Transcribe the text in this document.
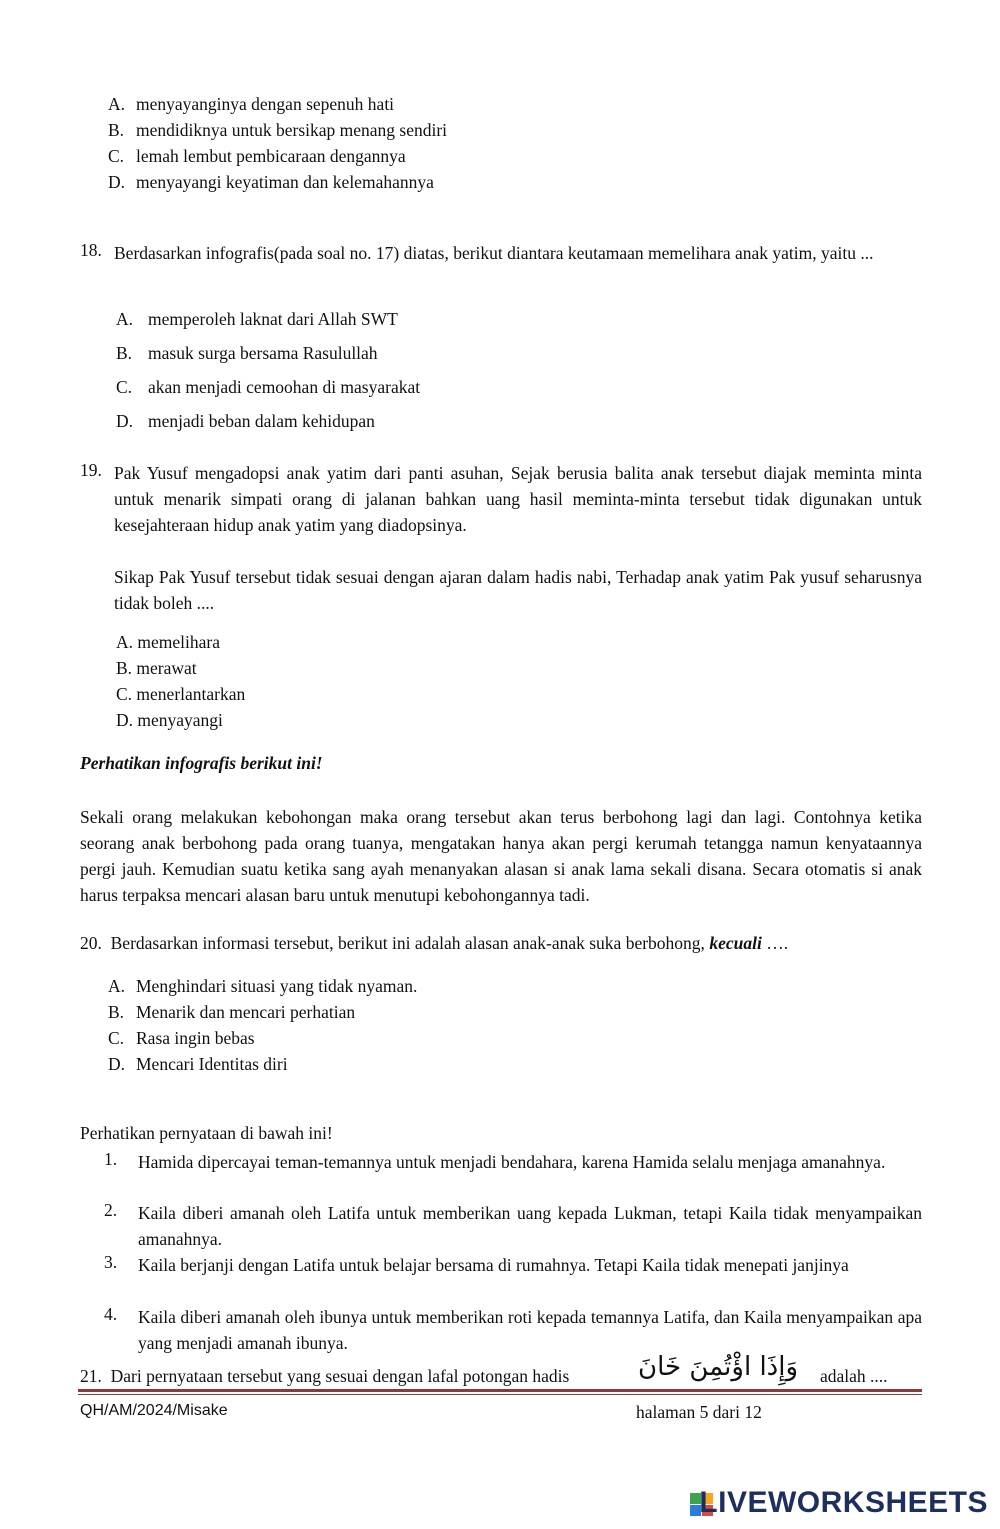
A. menyayanginya dengan sepenuh hati
B. mendidiknya untuk bersikap menang sendiri
C. lemah lembut pembicaraan dengannya
D. menyayangi keyatiman dan kelemahannya
18. Berdasarkan infografis(pada soal no. 17) diatas, berikut diantara keutamaan memelihara anak yatim, yaitu ...
A. memperoleh laknat dari Allah SWT
B. masuk surga bersama Rasulullah
C. akan menjadi cemoohan di masyarakat
D. menjadi beban dalam kehidupan
19. Pak Yusuf mengadopsi anak yatim dari panti asuhan, Sejak berusia balita anak tersebut diajak meminta minta untuk menarik simpati orang di jalanan bahkan uang hasil meminta-minta tersebut tidak digunakan untuk kesejahteraan hidup anak yatim yang diadopsinya.
Sikap Pak Yusuf tersebut tidak sesuai dengan ajaran dalam hadis nabi, Terhadap anak yatim Pak yusuf seharusnya tidak boleh ....
A. memelihara
B. merawat
C. menerlantarkan
D. menyayangi
Perhatikan infografis berikut ini!
Sekali orang melakukan kebohongan maka orang tersebut akan terus berbohong lagi dan lagi. Contohnya ketika seorang anak berbohong pada orang tuanya, mengatakan hanya akan pergi kerumah tetangga namun kenyataannya pergi jauh. Kemudian suatu ketika sang ayah menanyakan alasan si anak lama sekali disana. Secara otomatis si anak harus terpaksa mencari alasan baru untuk menutupi kebohongannya tadi.
20. Berdasarkan informasi tersebut, berikut ini adalah alasan anak-anak suka berbohong, kecuali ….
A. Menghindari situasi yang tidak nyaman.
B. Menarik dan mencari perhatian
C. Rasa ingin bebas
D. Mencari Identitas diri
Perhatikan pernyataan di bawah ini!
1. Hamida dipercayai teman-temannya untuk menjadi bendahara, karena Hamida selalu menjaga amanahnya.
2. Kaila diberi amanah oleh Latifa untuk memberikan uang kepada Lukman, tetapi Kaila tidak menyampaikan amanahnya.
3. Kaila berjanji dengan Latifa untuk belajar bersama di rumahnya. Tetapi Kaila tidak menepati janjinya
4. Kaila diberi amanah oleh ibunya untuk memberikan roti kepada temannya Latifa, dan Kaila menyampaikan apa yang menjadi amanah ibunya.
21. Dari pernyataan tersebut yang sesuai dengan lafal potongan hadis	وَإِذَا اؤْتُمِنَ خَانَ adalah ....
QH/AM/2024/Misake	halaman 5 dari 12
LIVEWORKSHEETS
